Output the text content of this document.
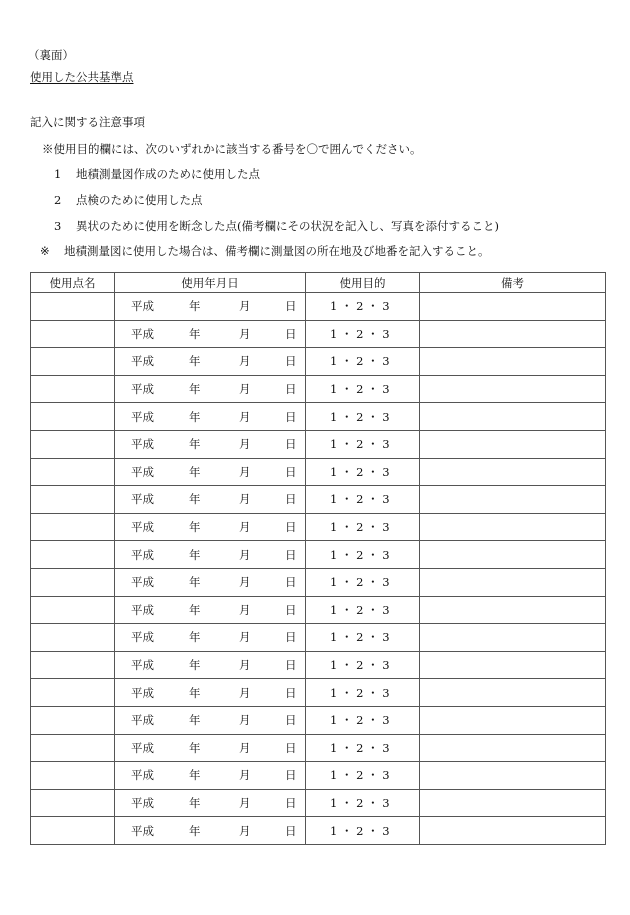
（裏面）
使用した公共基準点
記入に関する注意事項
※使用目的欄には、次のいずれかに該当する番号を〇で囲んでください。
1 地積測量図作成のために使用した点
2 点検のために使用した点
3 異状のために使用を断念した点(備考欄にその状況を記入し、写真を添付すること)
※ 地積測量図に使用した場合は、備考欄に測量図の所在地及び地番を記入すること。
使用点名	使用年月日	使用目的	備考

	平成 年 月 日	1 ・ 2 ・ 3	

	平成 年 月 日	1 ・ 2 ・ 3	

	平成 年 月 日	1 ・ 2 ・ 3	

	平成 年 月 日	1 ・ 2 ・ 3	

	平成 年 月 日	1 ・ 2 ・ 3	

	平成 年 月 日	1 ・ 2 ・ 3	

	平成 年 月 日	1 ・ 2 ・ 3	

	平成 年 月 日	1 ・ 2 ・ 3	

	平成 年 月 日	1 ・ 2 ・ 3	

	平成 年 月 日	1 ・ 2 ・ 3	

	平成 年 月 日	1 ・ 2 ・ 3	

	平成 年 月 日	1 ・ 2 ・ 3	

	平成 年 月 日	1 ・ 2 ・ 3	

	平成 年 月 日	1 ・ 2 ・ 3	

	平成 年 月 日	1 ・ 2 ・ 3	

	平成 年 月 日	1 ・ 2 ・ 3	

	平成 年 月 日	1 ・ 2 ・ 3	

	平成 年 月 日	1 ・ 2 ・ 3	

	平成 年 月 日	1 ・ 2 ・ 3	

	平成 年 月 日	1 ・ 2 ・ 3	
